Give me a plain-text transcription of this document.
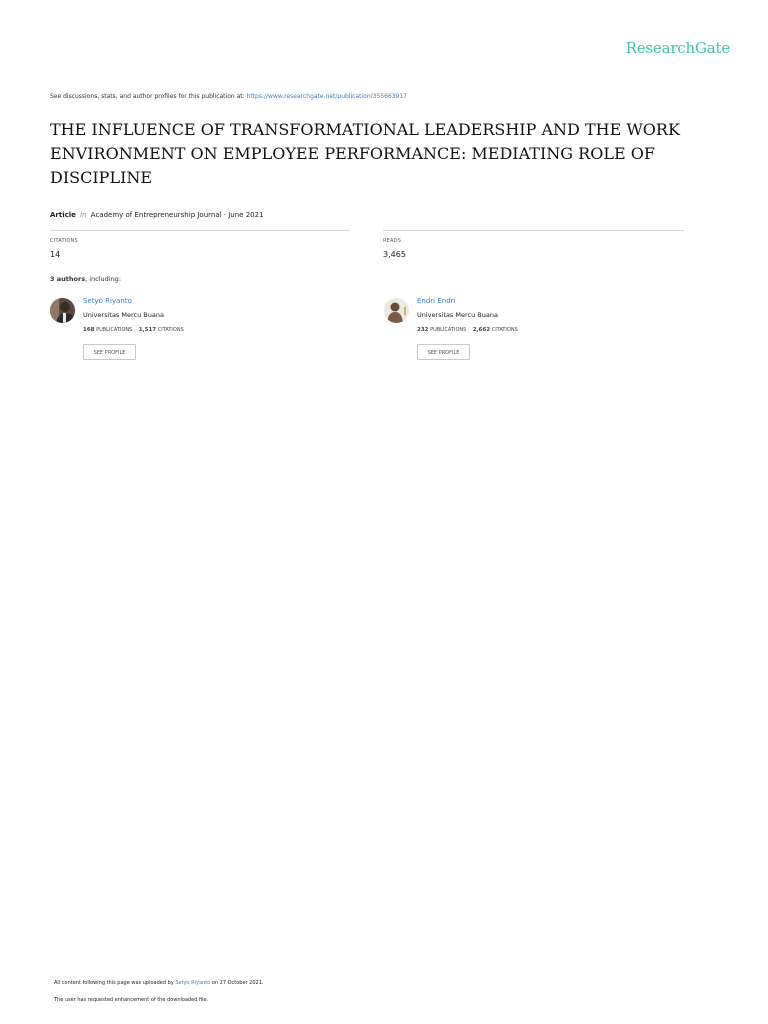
ResearchGate
See discussions, stats, and author profiles for this publication at: https://www.researchgate.net/publication/355663917
THE INFLUENCE OF TRANSFORMATIONAL LEADERSHIP AND THE WORK ENVIRONMENT ON EMPLOYEE PERFORMANCE: MEDIATING ROLE OF DISCIPLINE
Article in Academy of Entrepreneurship Journal · June 2021
CITATIONS
14
READS
3,465
3 authors, including:
Setyo Riyanto
Universitas Mercu Buana
168 PUBLICATIONS 1,517 CITATIONS
SEE PROFILE
Endri Endri
Universitas Mercu Buana
232 PUBLICATIONS 2,662 CITATIONS
SEE PROFILE
All content following this page was uploaded by Setyo Riyanto on 27 October 2021.
The user has requested enhancement of the downloaded file.
